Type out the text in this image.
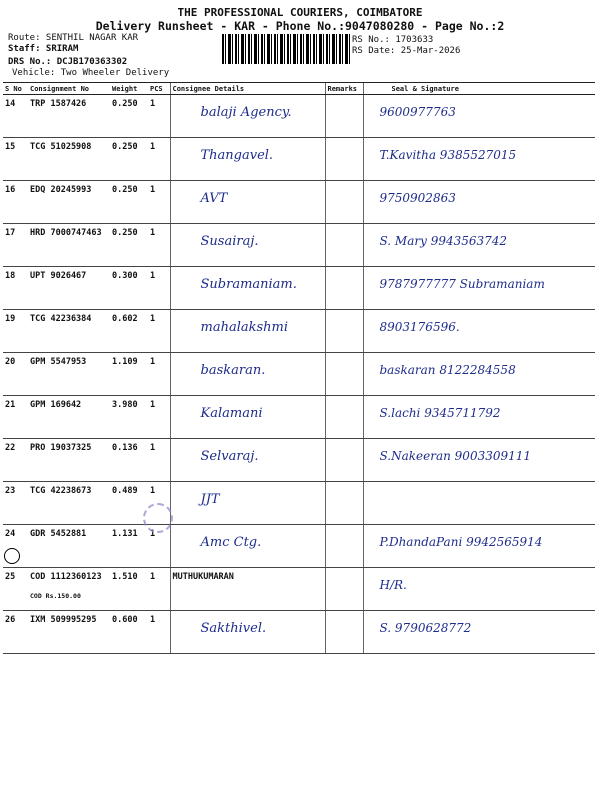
THE PROFESSIONAL COURIERS, COIMBATORE
Delivery Runsheet - KAR - Phone No.:9047080280 - Page No.:2
Route: SENTHIL NAGAR KAR
Staff: SRIRAM
DRS No.: DCJB170363302
Vehicle: Two Wheeler Delivery
RS No.: 1703633
RS Date: 25-Mar-2026
S No	Consignment No	Weight	PCS	Consignee Details	Remarks	Seal & Signature
14	TRP 1587426	0.250	1	balaji Agency.		9600977763

15	TCG 51025908	0.250	1	Thangavel.		T.Kavitha 9385527015

16	EDQ 20245993	0.250	1	AVT		9750902863

17	HRD 7000747463	0.250	1	Susairaj.		S. Mary 9943563742

18	UPT 9026467	0.300	1	Subramaniam.		9787977777 Subramaniam

19	TCG 42236384	0.602	1	mahalakshmi		8903176596.

20	GPM 5547953	1.109	1	baskaran.		baskaran 8122284558

21	GPM 169642	3.980	1	Kalamani		S.lachi 9345711792

22	PRO 19037325	0.136	1	Selvaraj.		S.Nakeeran 9003309111

23	TCG 42238673	0.489	1	JJT		

24	GDR 5452881	1.131	1	Amc Ctg.		P.DhandaPani 9942565914

25	COD 1112360123
COD Rs.150.00	1.510	1	MUTHUKUMARAN		H/R.

26	IXM 509995295	0.600	1	Sakthivel.		S. 9790628772
